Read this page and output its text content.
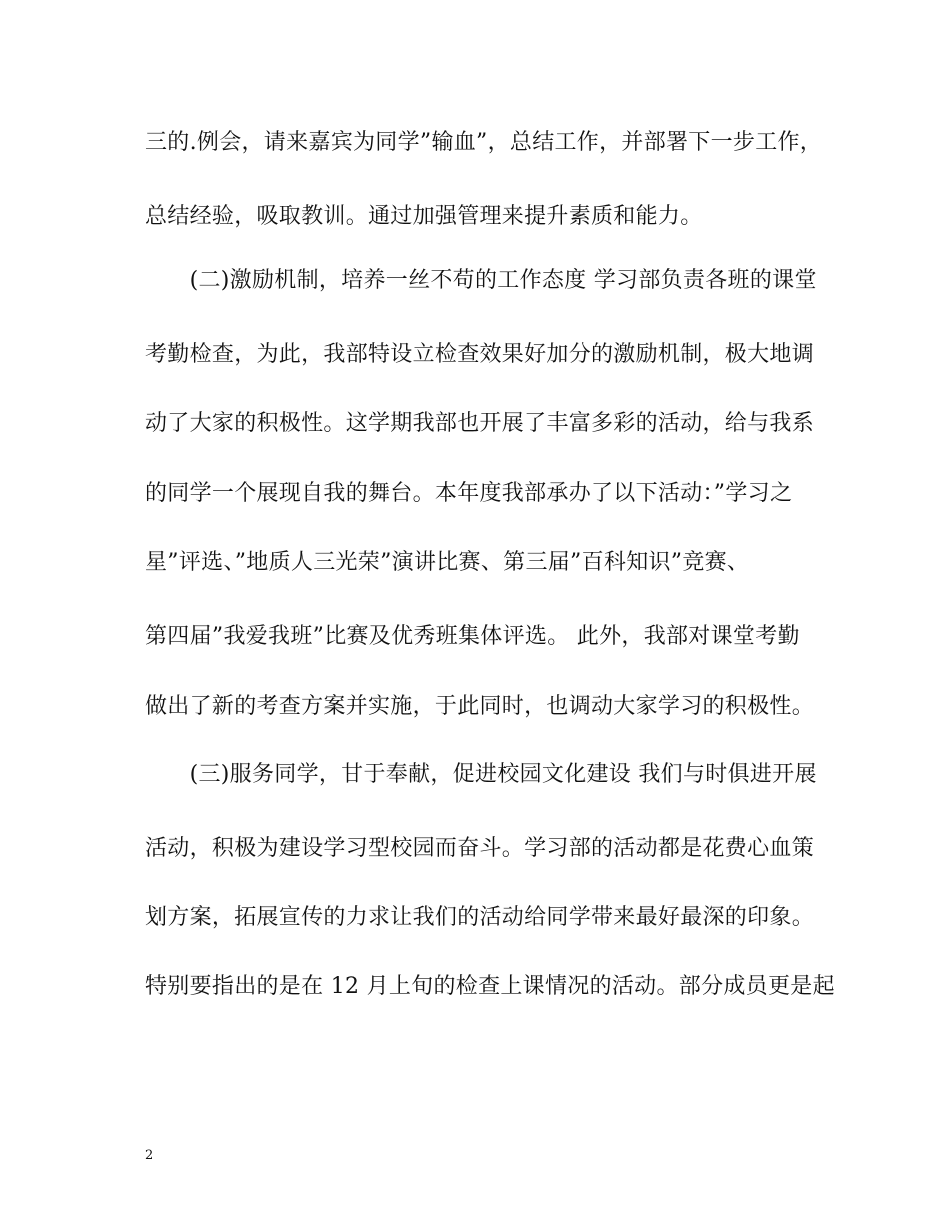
三的.例会，请来嘉宾为同学”输血”，总结工作，并部署下一步工作，
总结经验，吸取教训。通过加强管理来提升素质和能力。
　　(二)激励机制，培养一丝不苟的工作态度 学习部负责各班的课堂
考勤检查，为此，我部特设立检查效果好加分的激励机制，极大地调
动了大家的积极性。这学期我部也开展了丰富多彩的活动，给与我系
的同学一个展现自我的舞台。本年度我部承办了以下活动：”学习之
星”评选、”地质人三光荣”演讲比赛、第三届”百科知识”竞赛、
第四届”我爱我班”比赛及优秀班集体评选。 此外，我部对课堂考勤
做出了新的考查方案并实施，于此同时，也调动大家学习的积极性。
　　(三)服务同学，甘于奉献，促进校园文化建设 我们与时俱进开展
活动，积极为建设学习型校园而奋斗。学习部的活动都是花费心血策
划方案，拓展宣传的力求让我们的活动给同学带来最好最深的印象。
特别要指出的是在 12 月上旬的检查上课情况的活动。部分成员更是起
2
